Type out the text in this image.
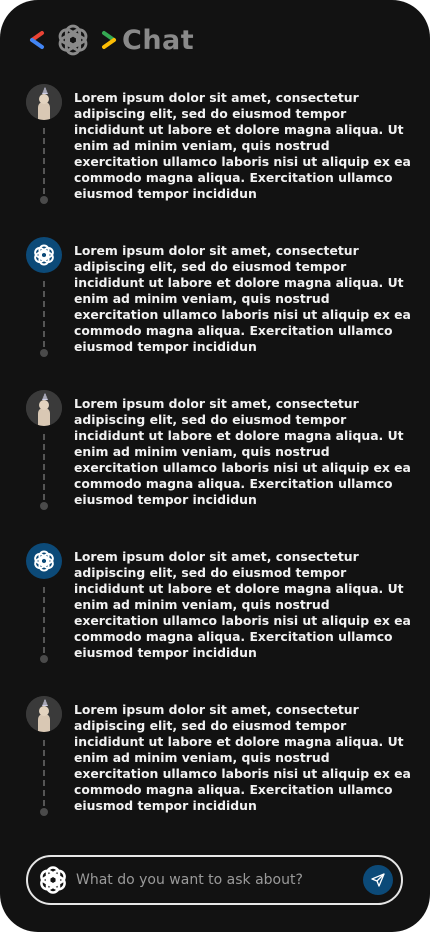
Chat
Lorem ipsum dolor sit amet, consectetur adipiscing elit, sed do eiusmod tempor incididunt ut labore et dolore magna aliqua. Ut enim ad minim veniam, quis nostrud exercitation ullamco laboris nisi ut aliquip ex ea commodo magna aliqua. Exercitation ullamco eiusmod tempor incididun
Lorem ipsum dolor sit amet, consectetur adipiscing elit, sed do eiusmod tempor incididunt ut labore et dolore magna aliqua. Ut enim ad minim veniam, quis nostrud exercitation ullamco laboris nisi ut aliquip ex ea commodo magna aliqua. Exercitation ullamco eiusmod tempor incididun
Lorem ipsum dolor sit amet, consectetur adipiscing elit, sed do eiusmod tempor incididunt ut labore et dolore magna aliqua. Ut enim ad minim veniam, quis nostrud exercitation ullamco laboris nisi ut aliquip ex ea commodo magna aliqua. Exercitation ullamco eiusmod tempor incididun
Lorem ipsum dolor sit amet, consectetur adipiscing elit, sed do eiusmod tempor incididunt ut labore et dolore magna aliqua. Ut enim ad minim veniam, quis nostrud exercitation ullamco laboris nisi ut aliquip ex ea commodo magna aliqua. Exercitation ullamco eiusmod tempor incididun
Lorem ipsum dolor sit amet, consectetur adipiscing elit, sed do eiusmod tempor incididunt ut labore et dolore magna aliqua. Ut enim ad minim veniam, quis nostrud exercitation ullamco laboris nisi ut aliquip ex ea commodo magna aliqua. Exercitation ullamco eiusmod tempor incididun
What do you want to ask about?
